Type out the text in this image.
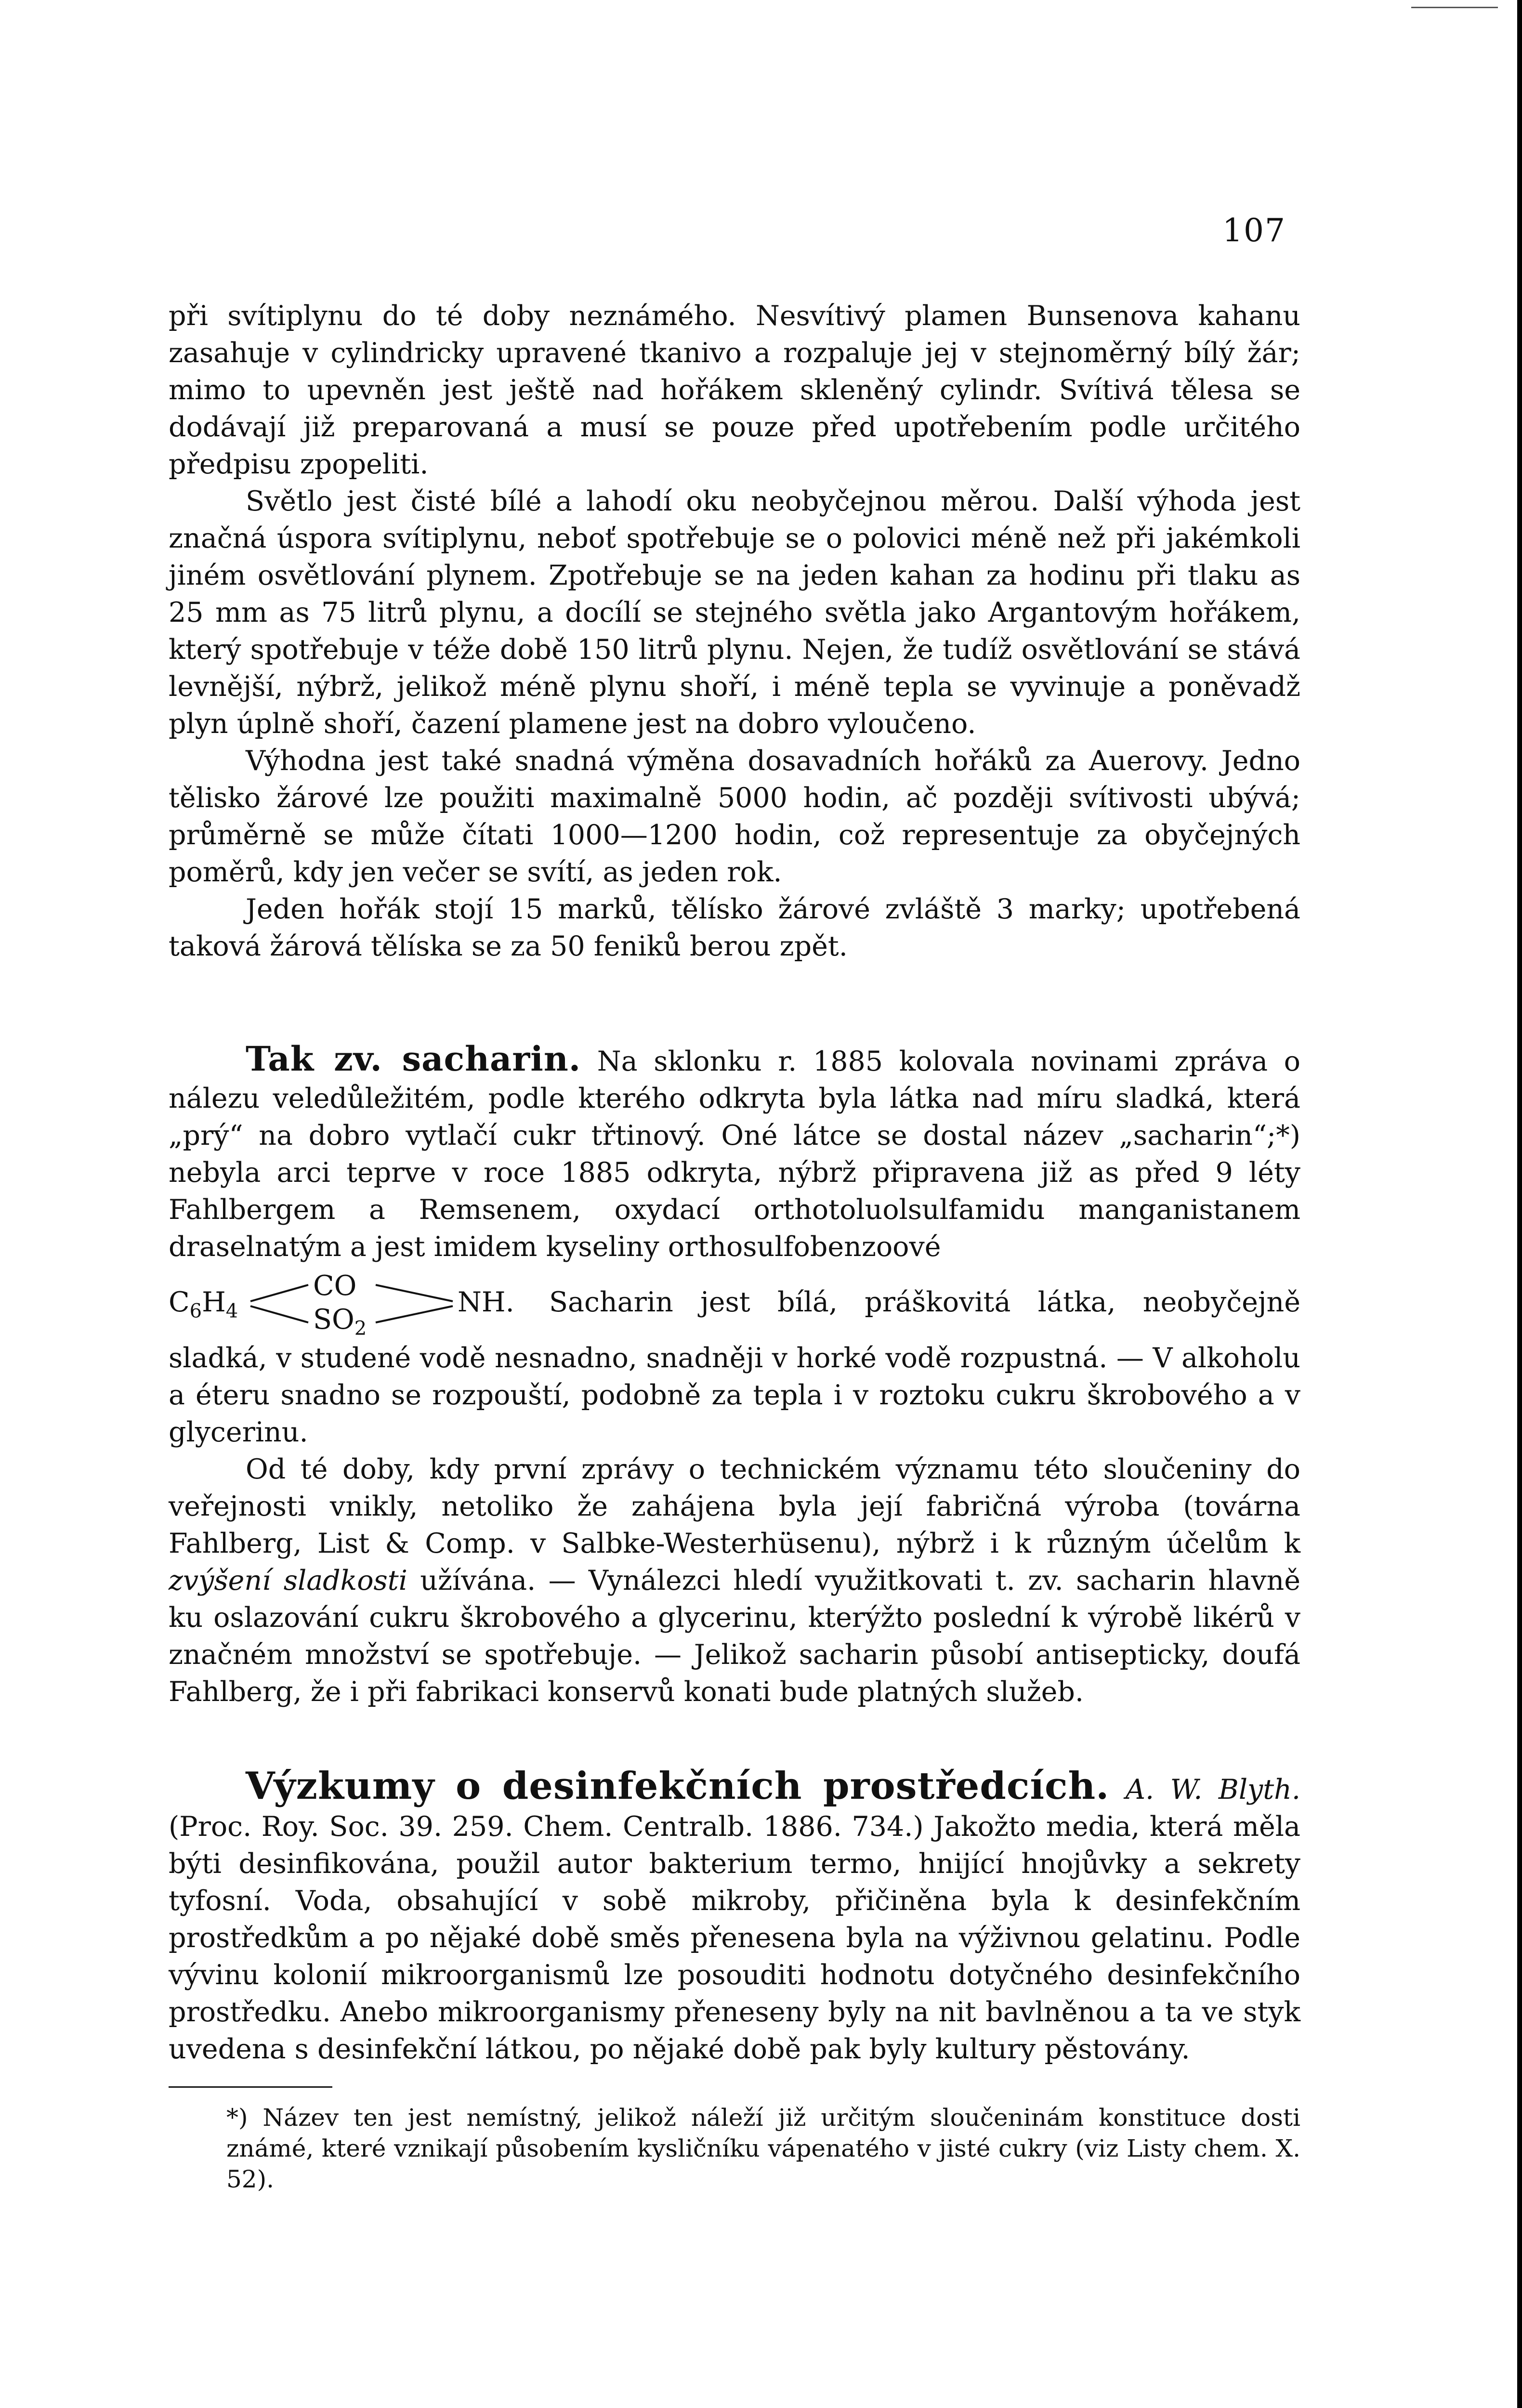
107

při svítiplynu do té doby neznámého. Nesvítivý plamen Bunsenova kahanu zasahuje v cylindricky upravené tkanivo a rozpaluje jej v stejnoměrný bílý žár; mimo to upevněn jest ještě nad hořákem skleněný cylindr. Svítivá tělesa se dodávají již preparovaná a musí se pouze před upotřebením podle určitého předpisu zpopeliti.

Světlo jest čisté bílé a lahodí oku neobyčejnou měrou. Další výhoda jest značná úspora svítiplynu, neboť spotřebuje se o polovici méně než při jakémkoli jiném osvětlování plynem. Zpotřebuje se na jeden kahan za hodinu při tlaku as 25 mm as 75 litrů plynu, a docílí se stejného světla jako Argantovým hořákem, který spotřebuje v téže době 150 litrů plynu. Nejen, že tudíž osvětlování se stává levnější, nýbrž, jelikož méně plynu shoří, i méně tepla se vyvinuje a poněvadž plyn úplně shoří, čazení plamene jest na dobro vyloučeno.

Výhodna jest také snadná výměna dosavadních hořáků za Auerovy. Jedno tělisko žárové lze použiti maximalně 5000 hodin, ač později svítivosti ubývá; průměrně se může čítati 1000—1200 hodin, což representuje za obyčejných poměrů, kdy jen večer se svítí, as jeden rok.

Jeden hořák stojí 15 marků, tělísko žárové zvláště 3 marky; upotřebená taková žárová tělíska se za 50 feniků berou zpět.

Tak zv. sacharin. Na sklonku r. 1885 kolovala novinami zpráva o nálezu veledůležitém, podle kterého odkryta byla látka nad míru sladká, která „prý“ na dobro vytlačí cukr třtinový. Oné látce se dostal název „sacharin“;*) nebyla arci teprve v roce 1885 odkryta, nýbrž připravena již as před 9 léty Fahlbergem a Remsenem, oxydací orthotoluolsulfamidu manganistanem draselnatým a jest imidem kyseliny orthosulfobenzoové

$C_6H_4$
CO
$SO_2$
NH. Sacharin jest bílá, práškovitá látka, neobyčejně

sladká, v studené vodě nesnadno, snadněji v horké vodě rozpustná. — V alkoholu a éteru snadno se rozpouští, podobně za tepla i v roztoku cukru škrobového a v glycerinu.

Od té doby, kdy první zprávy o technickém významu této sloučeniny do veřejnosti vnikly, netoliko že zahájena byla její fabričná výroba (továrna Fahlberg, List & Comp. v Salbke-Westerhüsenu), nýbrž i k různým účelům k zvýšení sladkosti užívána. — Vynálezci hledí využitkovati t. zv. sacharin hlavně ku oslazování cukru škrobového a glycerinu, kterýžto poslední k výrobě likérů v značném množství se spotřebuje. — Jelikož sacharin působí antisepticky, doufá Fahlberg, že i při fabrikaci konservů konati bude platných služeb.

Výzkumy o desinfekčních prostředcích. A. W. Blyth. (Proc. Roy. Soc. 39. 259. Chem. Centralb. 1886. 734.) Jakožto media, která měla býti desinfikována, použil autor bakterium termo, hnijící hnojůvky a sekrety tyfosní. Voda, obsahující v sobě mikroby, přičiněna byla k desinfekčním prostředkům a po nějaké době směs přenesena byla na výživnou gelatinu. Podle vývinu kolonií mikroorganismů lze posouditi hodnotu dotyčného desinfekčního prostředku. Anebo mikroorganismy přeneseny byly na nit bavlněnou a ta ve styk uvedena s desinfekční látkou, po nějaké době pak byly kultury pěstovány.

*) Název ten jest nemístný, jelikož náleží již určitým sloučeninám konstituce dosti známé, které vznikají působením kysličníku vápenatého v jisté cukry (viz Listy chem. X. 52).
